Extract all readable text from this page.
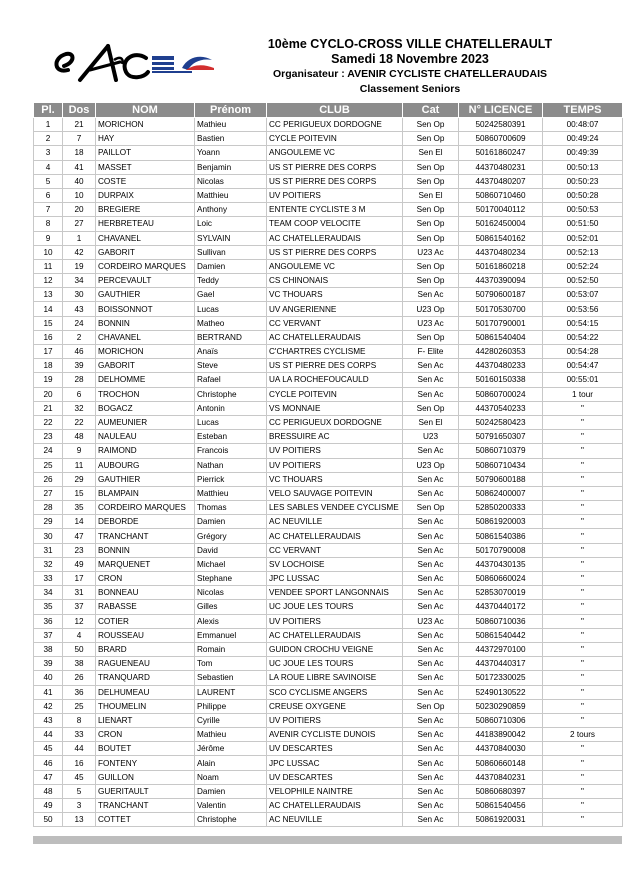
10ème CYCLO-CROSS VILLE CHATELLERAULT
Samedi 18 Novembre 2023
Organisateur : AVENIR CYCLISTE CHATELLERAUDAIS
Classement Seniors
Pl.	Dos	NOM	Prénom	CLUB	Cat	N° LICENCE	TEMPS
1	21	MORICHON	Mathieu	CC PERIGUEUX DORDOGNE	Sen Op	50242580391	00:48:07
2	7	HAY	Bastien	CYCLE POITEVIN	Sen Op	50860700609	00:49:24
3	18	PAILLOT	Yoann	ANGOULEME VC	Sen El	50161860247	00:49:39
4	41	MASSET	Benjamin	US ST PIERRE DES CORPS	Sen Op	44370480231	00:50:13
5	40	COSTE	Nicolas	US ST PIERRE DES CORPS	Sen Op	44370480207	00:50:23
6	10	DURPAIX	Matthieu	UV POITIERS	Sen El	50860710460	00:50:28
7	20	BREGIERE	Anthony	ENTENTE CYCLISTE 3 M	Sen Op	50170040112	00:50:53
8	27	HERBRETEAU	Loic	TEAM COOP VELOCITE	Sen Op	50162450004	00:51:50
9	1	CHAVANEL	SYLVAIN	AC CHATELLERAUDAIS	Sen Op	50861540162	00:52:01
10	42	GABORIT	Sullivan	US ST PIERRE DES CORPS	U23 Ac	44370480234	00:52:13
11	19	CORDEIRO MARQUES	Damien	ANGOULEME VC	Sen Op	50161860218	00:52:24
12	34	PERCEVAULT	Teddy	CS CHINONAIS	Sen Op	44370390094	00:52:50
13	30	GAUTHIER	Gael	VC THOUARS	Sen Ac	50790600187	00:53:07
14	43	BOISSONNOT	Lucas	UV ANGERIENNE	U23 Op	50170530700	00:53:56
15	24	BONNIN	Matheo	CC VERVANT	U23 Ac	50170790001	00:54:15
16	2	CHAVANEL	BERTRAND	AC CHATELLERAUDAIS	Sen Op	50861540404	00:54:22
17	46	MORICHON	Anaïs	C'CHARTRES CYCLISME	F- Elite	44280260353	00:54:28
18	39	GABORIT	Steve	US ST PIERRE DES CORPS	Sen Ac	44370480233	00:54:47
19	28	DELHOMME	Rafael	UA LA ROCHEFOUCAULD	Sen Ac	50160150338	00:55:01
20	6	TROCHON	Christophe	CYCLE POITEVIN	Sen Ac	50860700024	1 tour
21	32	BOGACZ	Antonin	VS MONNAIE	Sen Op	44370540233	"
22	22	AUMEUNIER	Lucas	CC PERIGUEUX DORDOGNE	Sen El	50242580423	"
23	48	NAULEAU	Esteban	BRESSUIRE AC	U23	50791650307	"
24	9	RAIMOND	Francois	UV POITIERS	Sen Ac	50860710379	"
25	11	AUBOURG	Nathan	UV POITIERS	U23 Op	50860710434	"
26	29	GAUTHIER	Pierrick	VC THOUARS	Sen Ac	50790600188	"
27	15	BLAMPAIN	Matthieu	VELO SAUVAGE POITEVIN	Sen Ac	50862400007	"
28	35	CORDEIRO MARQUES	Thomas	LES SABLES VENDEE CYCLISME	Sen Op	52850200333	"
29	14	DEBORDE	Damien	AC NEUVILLE	Sen Ac	50861920003	"
30	47	TRANCHANT	Grégory	AC CHATELLERAUDAIS	Sen Ac	50861540386	"
31	23	BONNIN	David	CC VERVANT	Sen Ac	50170790008	"
32	49	MARQUENET	Michael	SV LOCHOISE	Sen Ac	44370430135	"
33	17	CRON	Stephane	JPC LUSSAC	Sen Ac	50860660024	"
34	31	BONNEAU	Nicolas	VENDEE SPORT LANGONNAIS	Sen Ac	52853070019	"
35	37	RABASSE	Gilles	UC JOUE LES TOURS	Sen Ac	44370440172	"
36	12	COTIER	Alexis	UV POITIERS	U23 Ac	50860710036	"
37	4	ROUSSEAU	Emmanuel	AC CHATELLERAUDAIS	Sen Ac	50861540442	"
38	50	BRARD	Romain	GUIDON CROCHU VEIGNE	Sen Ac	44372970100	"
39	38	RAGUENEAU	Tom	UC JOUE LES TOURS	Sen Ac	44370440317	"
40	26	TRANQUARD	Sebastien	LA ROUE LIBRE SAVINOISE	Sen Ac	50172330025	"
41	36	DELHUMEAU	LAURENT	SCO CYCLISME ANGERS	Sen Ac	52490130522	"
42	25	THOUMELIN	Philippe	CREUSE OXYGENE	Sen Op	50230290859	"
43	8	LIENART	Cyrille	UV POITIERS	Sen Ac	50860710306	"
44	33	CRON	Mathieu	AVENIR CYCLISTE DUNOIS	Sen Ac	44183890042	2 tours
45	44	BOUTET	Jérôme	UV DESCARTES	Sen Ac	44370840030	"
46	16	FONTENY	Alain	JPC LUSSAC	Sen Ac	50860660148	"
47	45	GUILLON	Noam	UV DESCARTES	Sen Ac	44370840231	"
48	5	GUERITAULT	Damien	VELOPHILE NAINTRE	Sen Ac	50860680397	"
49	3	TRANCHANT	Valentin	AC CHATELLERAUDAIS	Sen Ac	50861540456	"
50	13	COTTET	Christophe	AC NEUVILLE	Sen Ac	50861920031	"
